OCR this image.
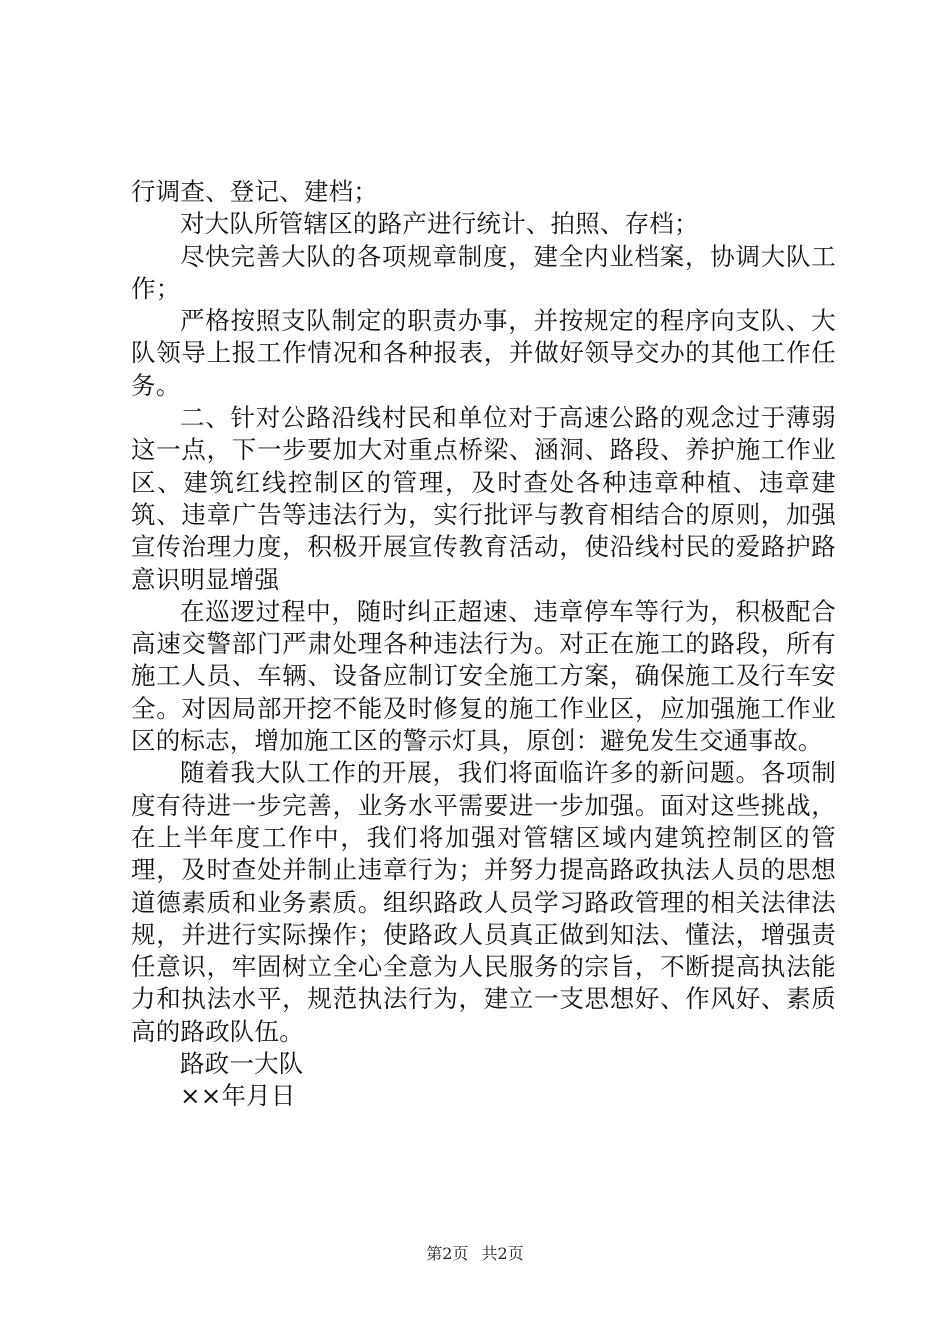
行调查、登记、建档；

对大队所管辖区的路产进行统计、拍照、存档；

尽快完善大队的各项规章制度，建全内业档案，协调大队工作；

严格按照支队制定的职责办事，并按规定的程序向支队、大队领导上报工作情况和各种报表，并做好领导交办的其他工作任务。

二、针对公路沿线村民和单位对于高速公路的观念过于薄弱这一点，下一步要加大对重点桥梁、涵洞、路段、养护施工作业区、建筑红线控制区的管理，及时查处各种违章种植、违章建筑、违章广告等违法行为，实行批评与教育相结合的原则，加强宣传治理力度，积极开展宣传教育活动，使沿线村民的爱路护路意识明显增强

在巡逻过程中，随时纠正超速、违章停车等行为，积极配合高速交警部门严肃处理各种违法行为。对正在施工的路段，所有施工人员、车辆、设备应制订安全施工方案，确保施工及行车安全。对因局部开挖不能及时修复的施工作业区，应加强施工作业区的标志，增加施工区的警示灯具，原创：避免发生交通事故。

随着我大队工作的开展，我们将面临许多的新问题。各项制度有待进一步完善，业务水平需要进一步加强。面对这些挑战，在上半年度工作中，我们将加强对管辖区域内建筑控制区的管理，及时查处并制止违章行为；并努力提高路政执法人员的思想道德素质和业务素质。组织路政人员学习路政管理的相关法律法规，并进行实际操作；使路政人员真正做到知法、懂法，增强责任意识，牢固树立全心全意为人民服务的宗旨，不断提高执法能力和执法水平，规范执法行为，建立一支思想好、作风好、素质高的路政队伍。

路政一大队

××年月日

第2页 共2页
